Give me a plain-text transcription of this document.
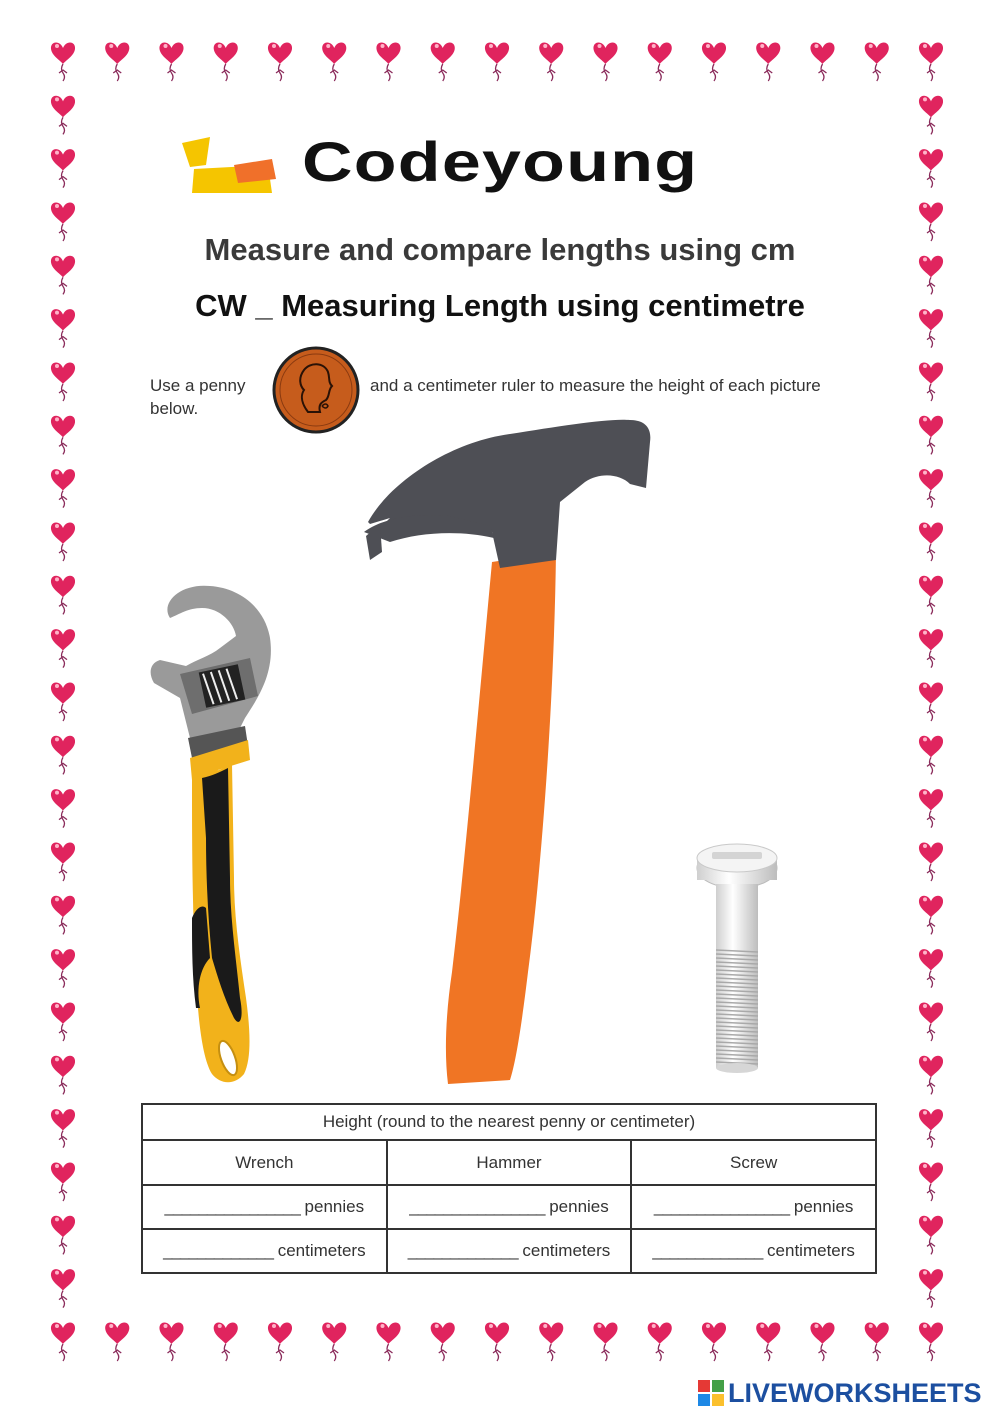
Codeyoung
Measure and compare lengths using cm
CW _ Measuring Length using centimetre
Use a penny below.
and a centimeter ruler to measure the height of each picture
Height (round to the nearest penny or centimeter)		
Wrench	Hammer	Screw
________________ pennies	________________ pennies	________________ pennies
_____________ centimeters	_____________ centimeters	_____________ centimeters
LIVEWORKSHEETS
